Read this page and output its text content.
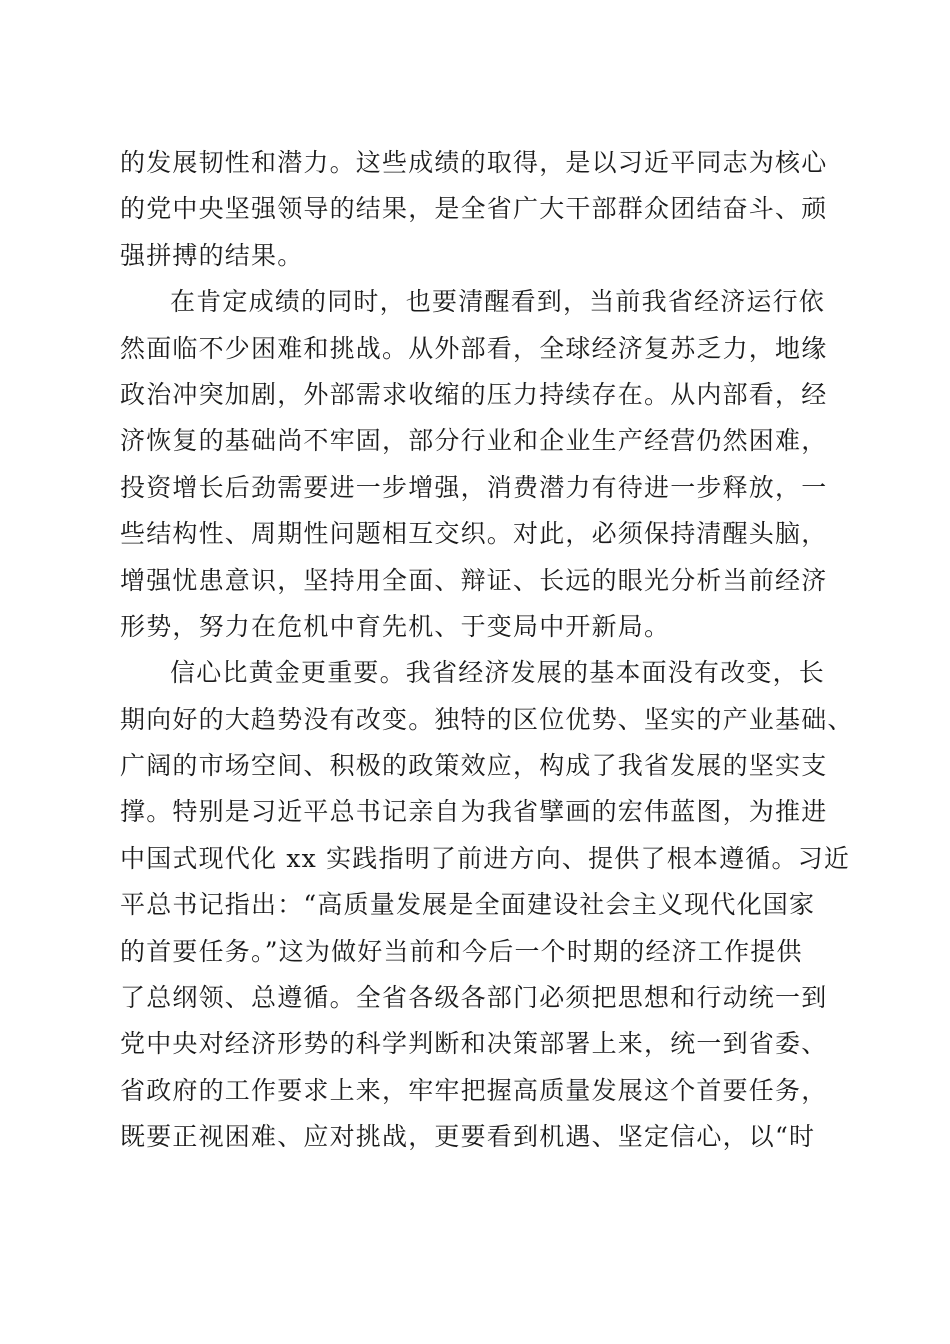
的发展韧性和潜力。这些成绩的取得，是以习近平同志为核心
的党中央坚强领导的结果，是全省广大干部群众团结奋斗、顽
强拼搏的结果。
在肯定成绩的同时，也要清醒看到，当前我省经济运行依
然面临不少困难和挑战。从外部看，全球经济复苏乏力，地缘
政治冲突加剧，外部需求收缩的压力持续存在。从内部看，经
济恢复的基础尚不牢固，部分行业和企业生产经营仍然困难，
投资增长后劲需要进一步增强，消费潜力有待进一步释放，一
些结构性、周期性问题相互交织。对此，必须保持清醒头脑，
增强忧患意识，坚持用全面、辩证、长远的眼光分析当前经济
形势，努力在危机中育先机、于变局中开新局。
信心比黄金更重要。我省经济发展的基本面没有改变，长
期向好的大趋势没有改变。独特的区位优势、坚实的产业基础、
广阔的市场空间、积极的政策效应，构成了我省发展的坚实支
撑。特别是习近平总书记亲自为我省擘画的宏伟蓝图，为推进
中国式现代化 xx 实践指明了前进方向、提供了根本遵循。习近
平总书记指出：“高质量发展是全面建设社会主义现代化国家
的首要任务。”这为做好当前和今后一个时期的经济工作提供
了总纲领、总遵循。全省各级各部门必须把思想和行动统一到
党中央对经济形势的科学判断和决策部署上来，统一到省委、
省政府的工作要求上来，牢牢把握高质量发展这个首要任务，
既要正视困难、应对挑战，更要看到机遇、坚定信心，以“时
